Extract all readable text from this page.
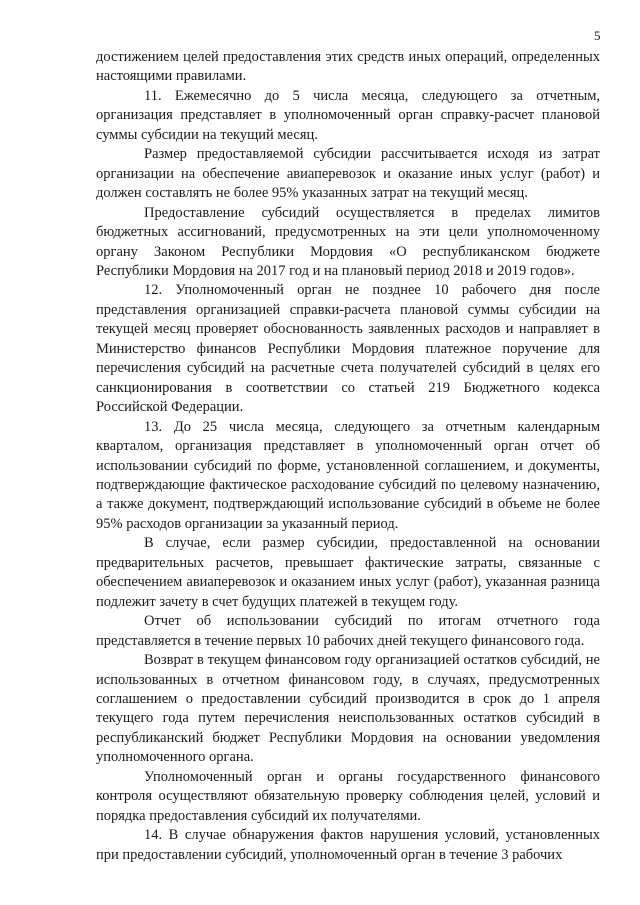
5

достижением целей предоставления этих средств иных операций, определенных настоящими правилами.

11. Ежемесячно до 5 числа месяца, следующего за отчетным, организация представляет в уполномоченный орган справку-расчет плановой суммы субсидии на текущий месяц.

Размер предоставляемой субсидии рассчитывается исходя из затрат организации на обеспечение авиаперевозок и оказание иных услуг (работ) и должен составлять не более 95% указанных затрат на текущий месяц.

Предоставление субсидий осуществляется в пределах лимитов бюджетных ассигнований, предусмотренных на эти цели уполномоченному органу Законом Республики Мордовия «О республиканском бюджете Республики Мордовия на 2017 год и на плановый период 2018 и 2019 годов».

12. Уполномоченный орган не позднее 10 рабочего дня после представления организацией справки-расчета плановой суммы субсидии на текущей месяц проверяет обоснованность заявленных расходов и направляет в Министерство финансов Республики Мордовия платежное поручение для перечисления субсидий на расчетные счета получателей субсидий в целях его санкционирования в соответствии со статьей 219 Бюджетного кодекса Российской Федерации.

13. До 25 числа месяца, следующего за отчетным календарным кварталом, организация представляет в уполномоченный орган отчет об использовании субсидий по форме, установленной соглашением, и документы, подтверждающие фактическое расходование субсидий по целевому назначению, а также документ, подтверждающий использование субсидий в объеме не более 95% расходов организации за указанный период.

В случае, если размер субсидии, предоставленной на основании предварительных расчетов, превышает фактические затраты, связанные с обеспечением авиаперевозок и оказанием иных услуг (работ), указанная разница подлежит зачету в счет будущих платежей в текущем году.

Отчет об использовании субсидий по итогам отчетного года представляется в течение первых 10 рабочих дней текущего финансового года.

Возврат в текущем финансовом году организацией остатков субсидий, не использованных в отчетном финансовом году, в случаях, предусмотренных соглашением о предоставлении субсидий производится в срок до 1 апреля текущего года путем перечисления неиспользованных остатков субсидий в республиканский бюджет Республики Мордовия на основании уведомления уполномоченного органа.

Уполномоченный орган и органы государственного финансового контроля осуществляют обязательную проверку соблюдения целей, условий и порядка предоставления субсидий их получателями.

14. В случае обнаружения фактов нарушения условий, установленных при предоставлении субсидий, уполномоченный орган в течение 3 рабочих
